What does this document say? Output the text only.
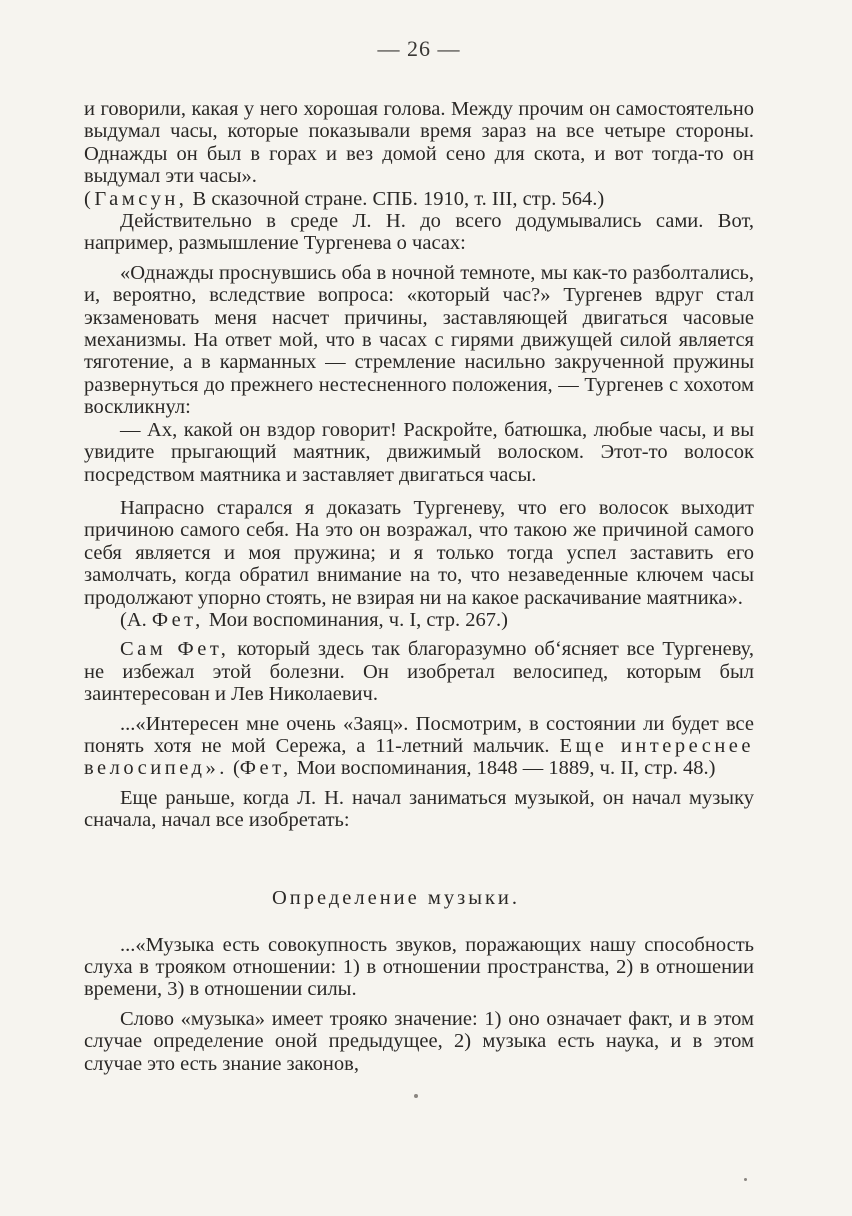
— 26 —

и говорили, какая у него хорошая голова. Между прочим он самостоятельно выдумал часы, которые показывали время зараз на все четыре стороны. Однажды он был в горах и вез домой сено для скота, и вот тогда-то он выдумал эти часы».
(Гамсун, В сказочной стране. СПБ. 1910, т. III, стр. 564.)

Действительно в среде Л. Н. до всего додумывались сами. Вот, например, размышление Тургенева о часах:

«Однажды проснувшись оба в ночной темноте, мы как-то разболтались, и, вероятно, вследствие вопроса: «который час?» Тургенев вдруг стал экзаменовать меня насчет причины, заставляющей двигаться часовые механизмы. На ответ мой, что в часах с гирями движущей силой является тяготение, а в карманных — стремление насильно закрученной пружины развернуться до прежнего нестесненного положения, — Тургенев с хохотом воскликнул:

— Ах, какой он вздор говорит! Раскройте, батюшка, любые часы, и вы увидите прыгающий маятник, движимый волоском. Этот-то волосок посредством маятника и заставляет двигаться часы.

Напрасно старался я доказать Тургеневу, что его волосок выходит причиною самого себя. На это он возражал, что такою же причиной самого себя является и моя пружина; и я только тогда успел заставить его замолчать, когда обратил внимание на то, что незаведенные ключем часы продолжают упорно стоять, не взирая ни на какое раскачивание маятника».
(А. Фет, Мои воспоминания, ч. I, стр. 267.)

Сам Фет, который здесь так благоразумно об‘ясняет все Тургеневу, не избежал этой болезни. Он изобретал велосипед, которым был заинтересован и Лев Николаевич.

...«Интересен мне очень «Заяц». Посмотрим, в состоянии ли будет все понять хотя не мой Сережа, а 11-летний мальчик. Еще интереснее велосипед». (Фет, Мои воспоминания, 1848 — 1889, ч. II, стр. 48.)

Еще раньше, когда Л. Н. начал заниматься музыкой, он начал музыку сначала, начал все изобретать:

Определение музыки.

...«Музыка есть совокупность звуков, поражающих нашу способность слуха в трояком отношении: 1) в отношении пространства, 2) в отношении времени, 3) в отношении силы.

Слово «музыка» имеет трояко значение: 1) оно означает факт, и в этом случае определение оной предыдущее, 2) музыка есть наука, и в этом случае это есть знание законов,
